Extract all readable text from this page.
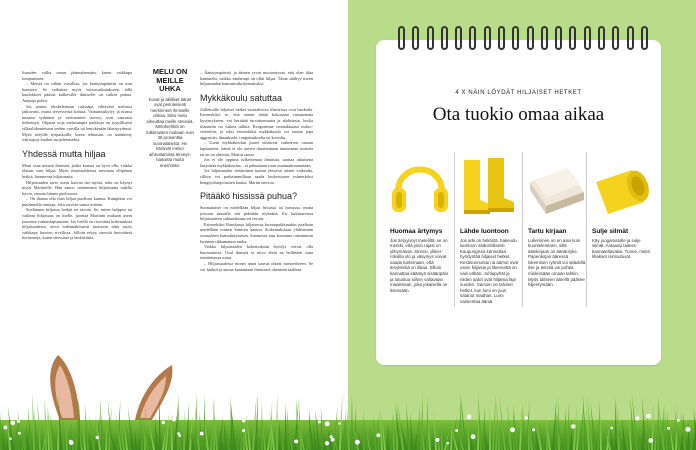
lisuuden vallia oman jäänmäisemän, kuten vaikkapa lompumisen.

– Meistä on vältän varsillisa, jos käntyimpämisti on niin haastava. Se vaikuttaa myös vuorovaikutukseen, tällä kuulokkeet päässä kulkevalle ihmiselle on vaikea puhua. Ampuja pohtii.

Jos joutuu oleskelemaan riskisäpa vilttäväsä melussa jatkuvasti, mutta terveyteistä kohtaa. Vainuinsukylyy ja niussa muussa sydämen ja verisuonten terveys ovat vaarassa heikentyä. Ohjaraa voja melusampia paikkoja on tyypillisesti vilkasliikenteisten seiden varsilla tai lentokentän läheisyydessä. Myös tietyille työpaikoille, kuten tehtaisiin, on määritetty riskirajoja kuulon suojelemiseksi.

Yhdessä mutta hiljaa

Moni osaa nimetä ihmisen, jonka kanssa on hyvä olla, vaikka olaisin vain hiljaa. Myös ihmissuhteissa tarvitaan ellipenen hetkiä, luonnevaa hiljaisuutta.

Hiljaisuuden tarve usein kasvaa iän myötä, näin on käynyt myös Martinelle. Hän sanoo sietäneensä hiljaisuutta tadella hyvin, samoin hänen puolisonsa.

– On ihanaa olla ihan hiljaa puolison kanssa. Kampikin voi puuhastella omiaan, eikä tarvitse sanoa mitään.

Stetlämme hiljaista hetkiä eri tavoin. Se, miten helppoa tai vaikeaa hiljaisuus on itselle, juontaa Martinin mukaan usein juurensa varhaislapsuuteen. Jos lieellä on ristiväinä kokemuksia hiljaisuudesta, aivot todennäköisesti tuottavat niitä myös vaikkapa luovien sivellissa. Silloin erityy stressiä herivättetä hormoneja, kuten stressissä ja endorfiinia.

MELU ON MEILLE UHKA
Kovat ja äkilliset äänet ovat perinteisesti merkinneet ihmiselle uhkaa. Siksi melu aiheuttaa meille stressiä. Meluherkkiä on tutkimusten mukaan noin 38 prosenttia suomalaisista. He kärsivät melun aiheuttamista terveyshaitoista muita enemmän.

– Äänisympäristö ja äänten ryvnt muotoutuvat, että olen tilaa kannatelu, vaikka vanhempi on ollut hiljaa. Tämä sitähyy tiseen hiljaisuuden kansainväkokemuksiksi.

Mykkäkoulu satuttaa

Joillekuille hiljaiset hetket sosiaalisissa tilanteissa ovat hankalia. Esimerkiksi se, että toinen jättää kokonaan vastaamatta kysymykseen, voi herättää turvattomuutta ja ahdistusta, koska tilanneita on vaikea tulkita. Reagoimme voimakkaasti mikrovieteeltin, ja siksi esimerkiksi mykkäkoulu voi tuntua jopa aggressiiv ilmauksela, rangaistukselta tai kostolta.

– Usein mykkäkoulun juuret ulottuvat vaikeuven omaan lapsuuteen: häntä ei ole aseteu ilmaisemaan tunteeanan tunteita tai ne on ohitettu, Martin sanoo.

Jos ei ole oppinut tulkeisemaa ilmaisua, saattaa aikuisena harjoittaa mykkäkoulua – ei pahuutaan vaan osaamattomuuttaan.

Jos hiljaisuuden sietäminen tuntuu yleisesti ottaen vaikealta, silloin voi parhaimmillaan saada keskeisissen esimerkiksi hengitysharjoitusten kautta, Martin neuvoo.

Pitääkö hississä puhua?

Suomalaiset on mielellään hiljaa hississä tai bussissa, mutta joissain muualla sitä pidetään töykeänä. Eri kulttuureissa hiljaisuuteen suhtaudutaan eri tavoin.

Esimerkiksi Ranskassa hiljaisessa luontopaikkasakin juteltaan mielellään tonnen ihmisen kanssa. Kokemuksiaan yhdistetään sosiaalisen kanssakäymisen. Suomessa taas koromuu ontenmmin luonnon rikkamanon rauha.

Vaikka hiljaisuuden kokemuksiin hyödyt voivat olla huomattavia. Osal ihmisiä ei niivo ehtiä ne hellittäen sona tonttiettavaa asiaa.

– Hiljaisuudessa monet antat suuvat oikeat mietavihteen. Se voi hätkyä ja auttaa kantamaan ihmisestä ohenteen taakkaa.

4 X NÄIN LÖYDÄT HILJAISET HETKET
Ota tuokio omaa aikaa
Huomaa ärtymys

Jos ärsyynnyt meteliltä, se on merkki, että jokin rajasi on ylittymässä. Stressi, ylikierroksilla olo ja väsymys voivat saada tuntemaan, että ärsykkeitä on liikaa. Silloin kannattaa kääntyä sisäänpäin ja tutustua siihen valtavaan maailmaan, joka jokaisella on itsessään.

Lähde luontoon

Jos arki on hektistä, hakeudu luontoon säännöllisesti. Kaupungissa kannattaa hyödyntää hiljaiset hetket. Kesäsunnuntai na aamut ovat usein hiljaisia ja likennettä on vain vähän. Juhlapyhät ja niiden aatot ovat hiljaisia läpi vuoden. Samoin ne talviset hetket, kun lumi on juuri satanut maahan. Lumi vaimentaa ääniä.

Tartu kirjaan

Lukeminen on eri asia kuin kuunteleminen, sillä äänikirjaan on äänärsyke. Paperikirjan ääressä lukemisen rytmiä voi säädellä itse ja tekstiä voi pohtia mielessään omaan tahtiin. Myös tailseen äärellä pääsee hiljentymään.

Sulje silmät

Käy joogamatolle ja sulje silmät. Antaudu taiteen kannateltavaksi. Tunne, miten lihakset rentoutuvat.
